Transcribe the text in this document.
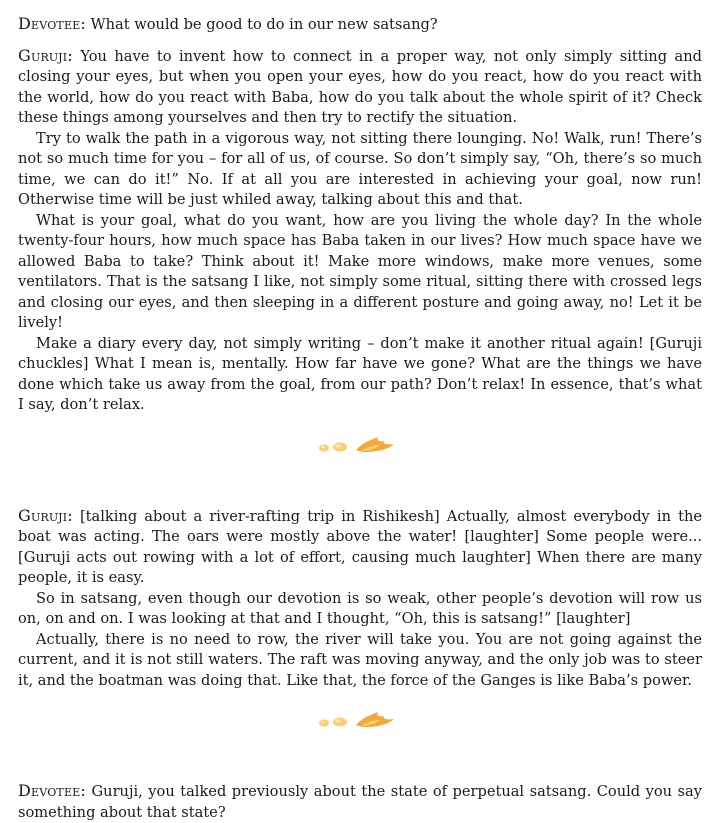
Devotee: What would be good to do in our new satsang?

Guruji: You have to invent how to connect in a proper way, not only simply sitting and closing your eyes, but when you open your eyes, how do you react, how do you react with the world, how do you react with Baba, how do you talk about the whole spirit of it? Check these things among yourselves and then try to rectify the situation.

Try to walk the path in a vigorous way, not sitting there lounging. No! Walk, run! There’s not so much time for you – for all of us, of course. So don’t simply say, “Oh, there’s so much time, we can do it!” No. If at all you are interested in achieving your goal, now run! Otherwise time will be just whiled away, talking about this and that.

What is your goal, what do you want, how are you living the whole day? In the whole twenty-four hours, how much space has Baba taken in our lives? How much space have we allowed Baba to take? Think about it! Make more windows, make more venues, some ventilators. That is the satsang I like, not simply some ritual, sitting there with crossed legs and closing our eyes, and then sleeping in a different posture and going away, no! Let it be lively!

Make a diary every day, not simply writing – don’t make it another ritual again! [Guruji chuckles] What I mean is, mentally. How far have we gone? What are the things we have done which take us away from the goal, from our path? Don’t relax! In essence, that’s what I say, don’t relax.

Guruji: [talking about a river-rafting trip in Rishikesh] Actually, almost everybody in the boat was acting. The oars were mostly above the water! [laughter] Some people were... [Guruji acts out rowing with a lot of effort, causing much laughter] When there are many people, it is easy.

So in satsang, even though our devotion is so weak, other people’s devotion will row us on, on and on. I was looking at that and I thought, “Oh, this is satsang!” [laughter]

Actually, there is no need to row, the river will take you. You are not going against the current, and it is not still waters. The raft was moving anyway, and the only job was to steer it, and the boatman was doing that. Like that, the force of the Ganges is like Baba’s power.

Devotee: Guruji, you talked previously about the state of perpetual satsang. Could you say something about that state?
